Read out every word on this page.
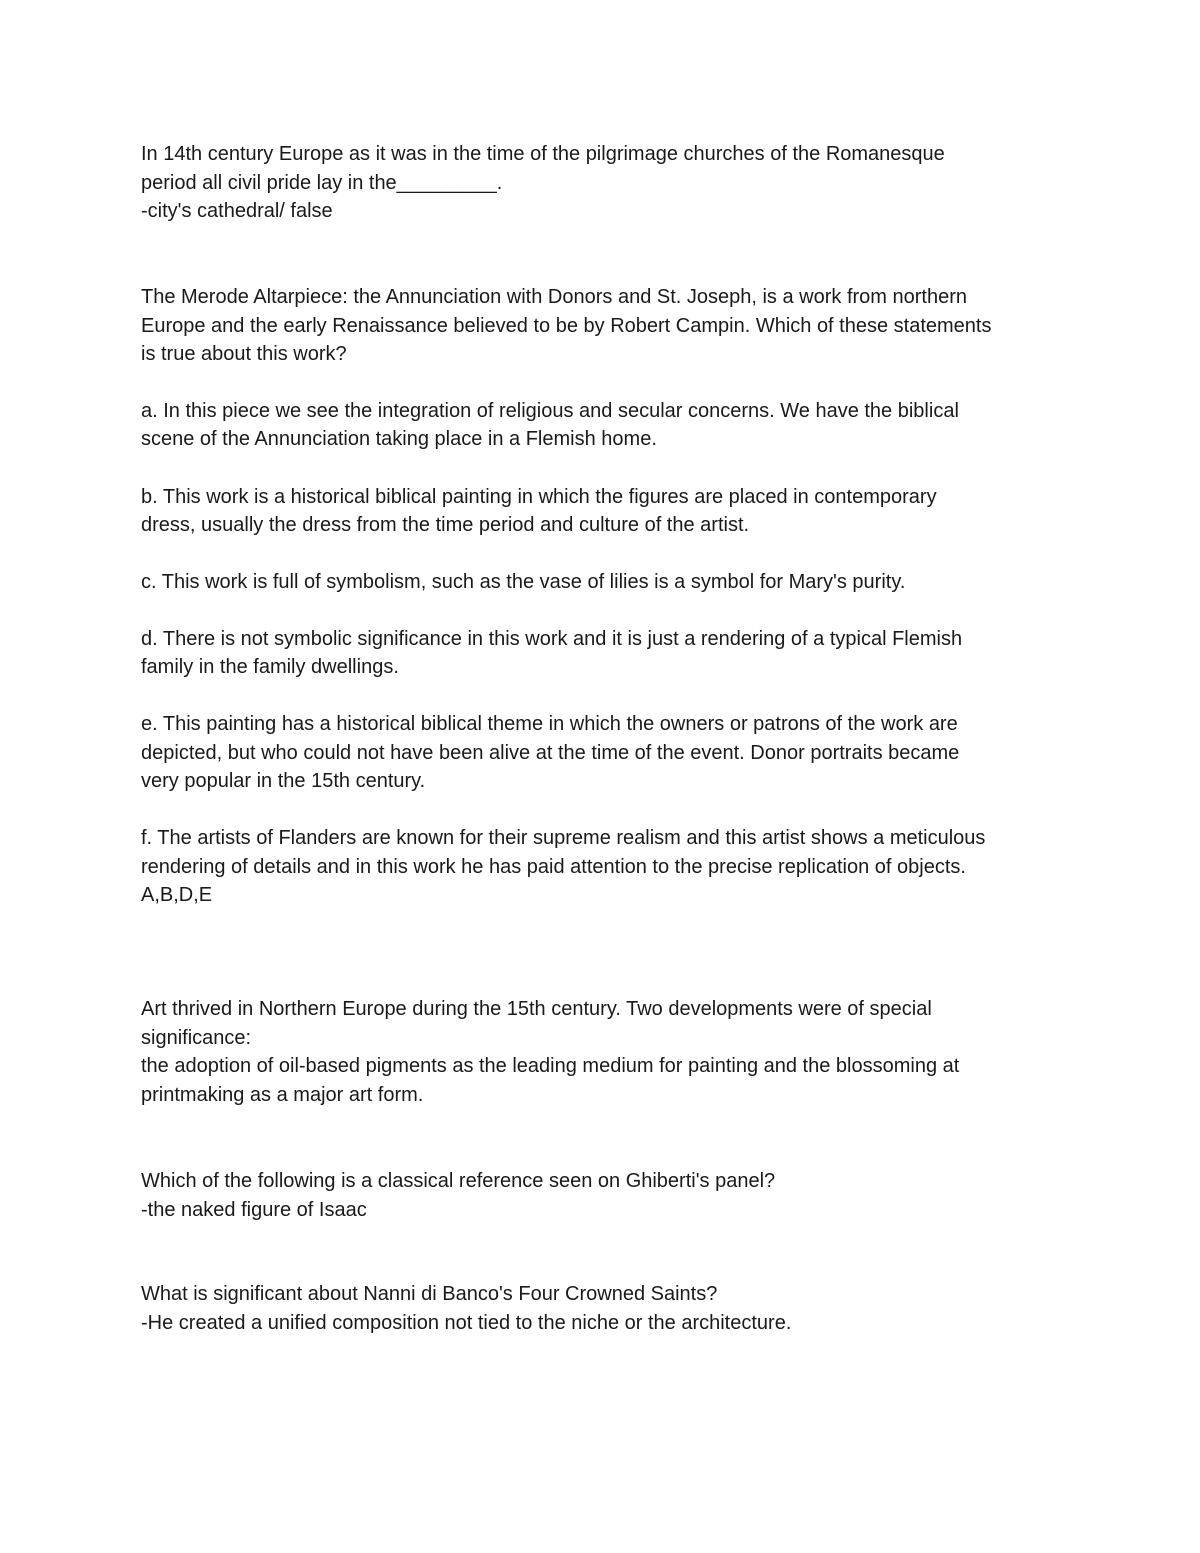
In 14th century Europe as it was in the time of the pilgrimage churches of the Romanesque
period all civil pride lay in the_________.
-city's cathedral/ false
The Merode Altarpiece: the Annunciation with Donors and St. Joseph, is a work from northern
Europe and the early Renaissance believed to be by Robert Campin. Which of these statements
is true about this work?
a. In this piece we see the integration of religious and secular concerns. We have the biblical
scene of the Annunciation taking place in a Flemish home.
b. This work is a historical biblical painting in which the figures are placed in contemporary
dress, usually the dress from the time period and culture of the artist.
c. This work is full of symbolism, such as the vase of lilies is a symbol for Mary's purity.
d. There is not symbolic significance in this work and it is just a rendering of a typical Flemish
family in the family dwellings.
e. This painting has a historical biblical theme in which the owners or patrons of the work are
depicted, but who could not have been alive at the time of the event. Donor portraits became
very popular in the 15th century.
f. The artists of Flanders are known for their supreme realism and this artist shows a meticulous
rendering of details and in this work he has paid attention to the precise replication of objects.
A,B,D,E
Art thrived in Northern Europe during the 15th century. Two developments were of special
significance:
the adoption of oil-based pigments as the leading medium for painting and the blossoming at
printmaking as a major art form.
Which of the following is a classical reference seen on Ghiberti's panel?
-the naked figure of Isaac
What is significant about Nanni di Banco's Four Crowned Saints?
-He created a unified composition not tied to the niche or the architecture.
